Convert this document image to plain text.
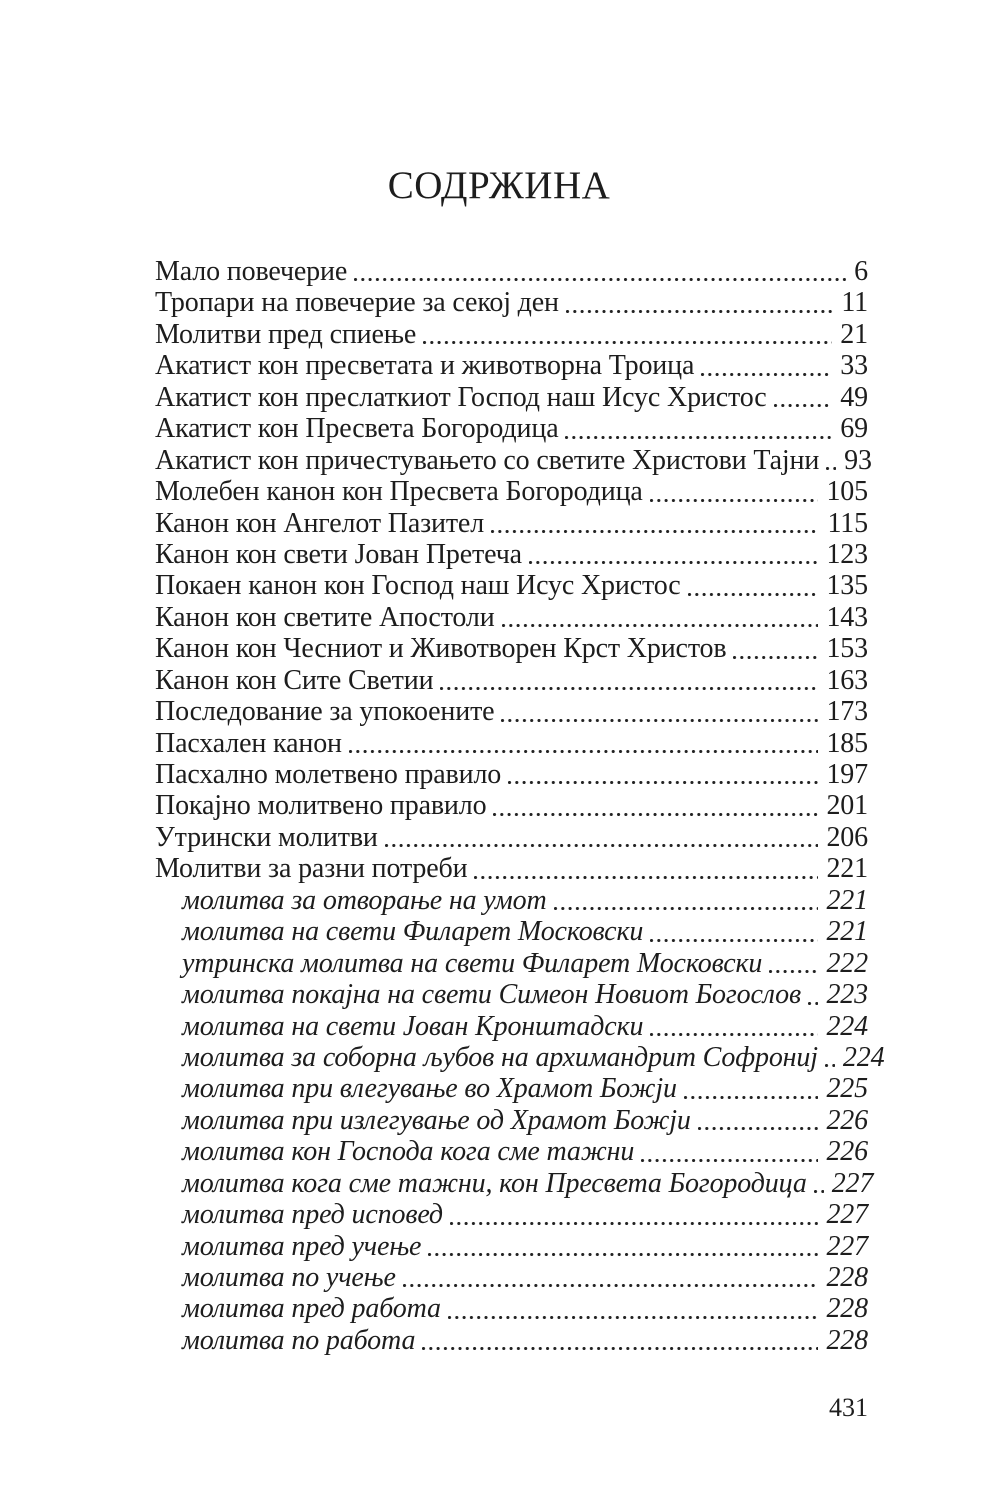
СОДРЖИНА
Мало повечерие	6
Тропари на повечерие за секој ден	11
Молитви пред спиење	21
Акатист кон пресветата и животворна Троица	33
Акатист кон преслаткиот Господ наш Исус Христос	49
Акатист кон Пресвета Богородица	69
Акатист кон причестувањето со светите Христови Тајни 93
Молебен канон кон Пресвета Богородица	105
Канон кон Ангелот Пазител	115
Канон кон свети Јован Претеча	123
Покаен канон кон Господ наш Исус Христос	135
Канон кон светите Апостоли	143
Канон кон Чесниот и Животворен Крст Христов	153
Канон кон Сите Светии	163
Последование за упокоените	173
Пасхален канон	185
Пасхално молетвено правило	197
Покајно молитвено правило	201
Утрински молитви	206
Молитви за разни потреби	221
молитва за отворање на умот	221
молитва на свети Филарет Московски	221
утринска молитва на свети Филарет Московски 222
молитва покајна на свети Симеон Новиот Богослов 223
молитва на свети Јован Кронштадски	224
молитва за соборна љубов на архимандрит Софрониј 224
молитва при влегување во Храмот Божји	225
молитва при излегување од Храмот Божји	226
молитва кон Господа кога сме тажни	226
молитва кога сме тажни, кон Пресвета Богородица 227
молитва пред исповед	227
молитва пред учење	227
молитва по учење	228
молитва пред работа	228
молитва по работа	228
431
